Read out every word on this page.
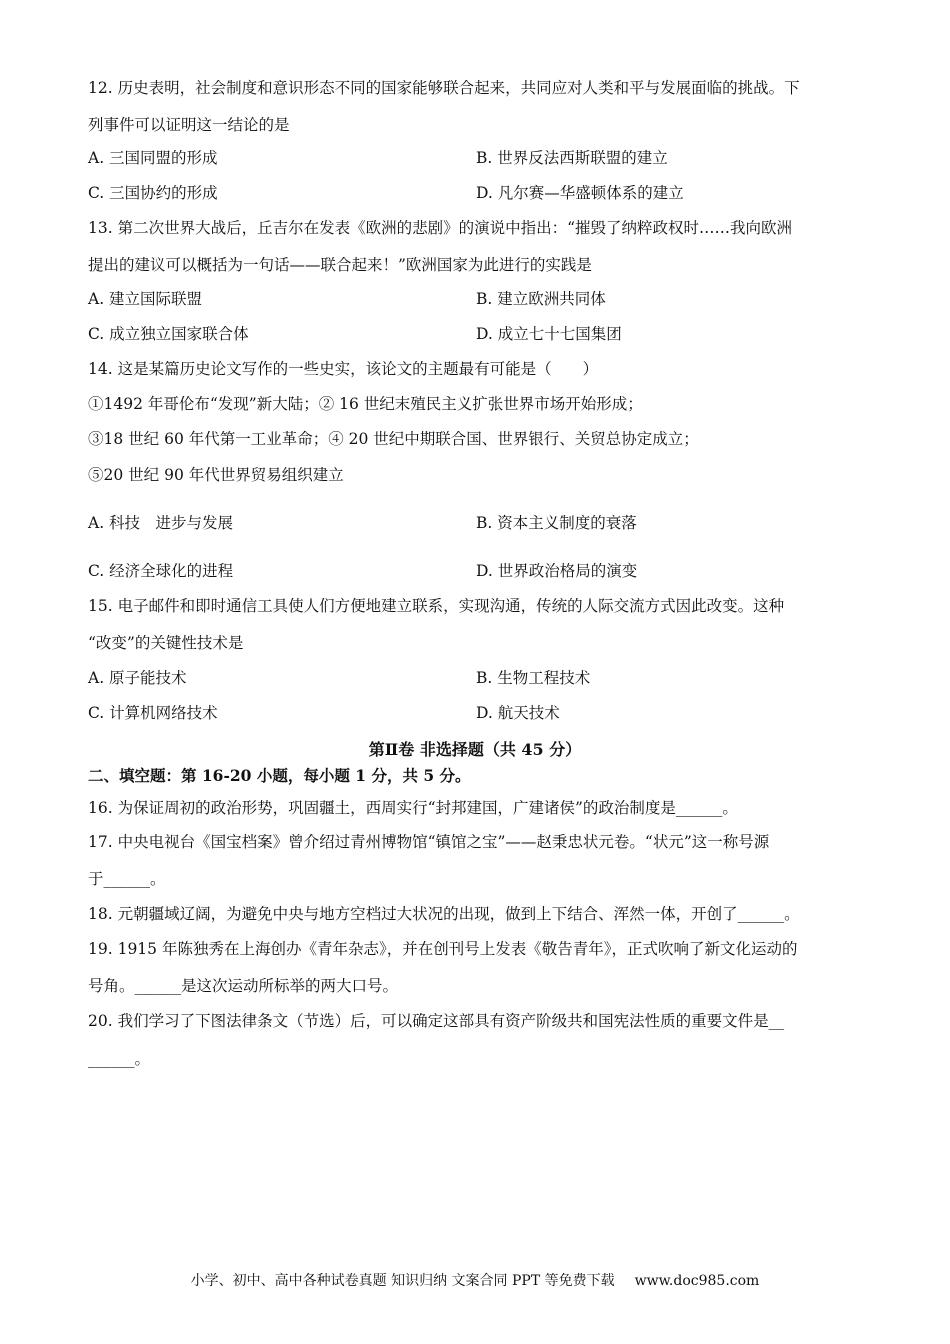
12. 历史表明，社会制度和意识形态不同的国家能够联合起来，共同应对人类和平与发展面临的挑战。下
列事件可以证明这一结论的是
A. 三国同盟的形成	B. 世界反法西斯联盟的建立
C. 三国协约的形成	D. 凡尔赛—华盛顿体系的建立
13. 第二次世界大战后，丘吉尔在发表《欧洲的悲剧》的演说中指出：“摧毁了纳粹政权时……我向欧洲
提出的建议可以概括为一句话——联合起来！”欧洲国家为此进行的实践是
A. 建立国际联盟	B. 建立欧洲共同体
C. 成立独立国家联合体	D. 成立七十七国集团
14. 这是某篇历史论文写作的一些史实，该论文的主题最有可能是（　　）
①1492 年哥伦布“发现”新大陆；② 16 世纪末殖民主义扩张世界市场开始形成；
③18 世纪 60 年代第一工业革命；④ 20 世纪中期联合国、世界银行、关贸总协定成立；
⑤20 世纪 90 年代世界贸易组织建立
A. 科技　进步与发展	B. 资本主义制度的衰落
C. 经济全球化的进程	D. 世界政治格局的演变
15. 电子邮件和即时通信工具使人们方便地建立联系，实现沟通，传统的人际交流方式因此改变。这种
“改变”的关键性技术是
A. 原子能技术	B. 生物工程技术
C. 计算机网络技术	D. 航天技术
第Ⅱ卷 非选择题（共 45 分）
二、填空题：第 16-20 小题，每小题 1 分，共 5 分。
16. 为保证周初的政治形势，巩固疆土，西周实行“封邦建国，广建诸侯”的政治制度是______。
17. 中央电视台《国宝档案》曾介绍过青州博物馆“镇馆之宝”——赵秉忠状元卷。“状元”这一称号源
于______。
18. 元朝疆域辽阔，为避免中央与地方空档过大状况的出现，做到上下结合、浑然一体，开创了______。
19. 1915 年陈独秀在上海创办《青年杂志》，并在创刊号上发表《敬告青年》，正式吹响了新文化运动的
号角。______是这次运动所标举的两大口号。
20. 我们学习了下图法律条文（节选）后，可以确定这部具有资产阶级共和国宪法性质的重要文件是__
______。
小学、初中、高中各种试卷真题 知识归纳 文案合同 PPT 等免费下载 www.doc985.com
